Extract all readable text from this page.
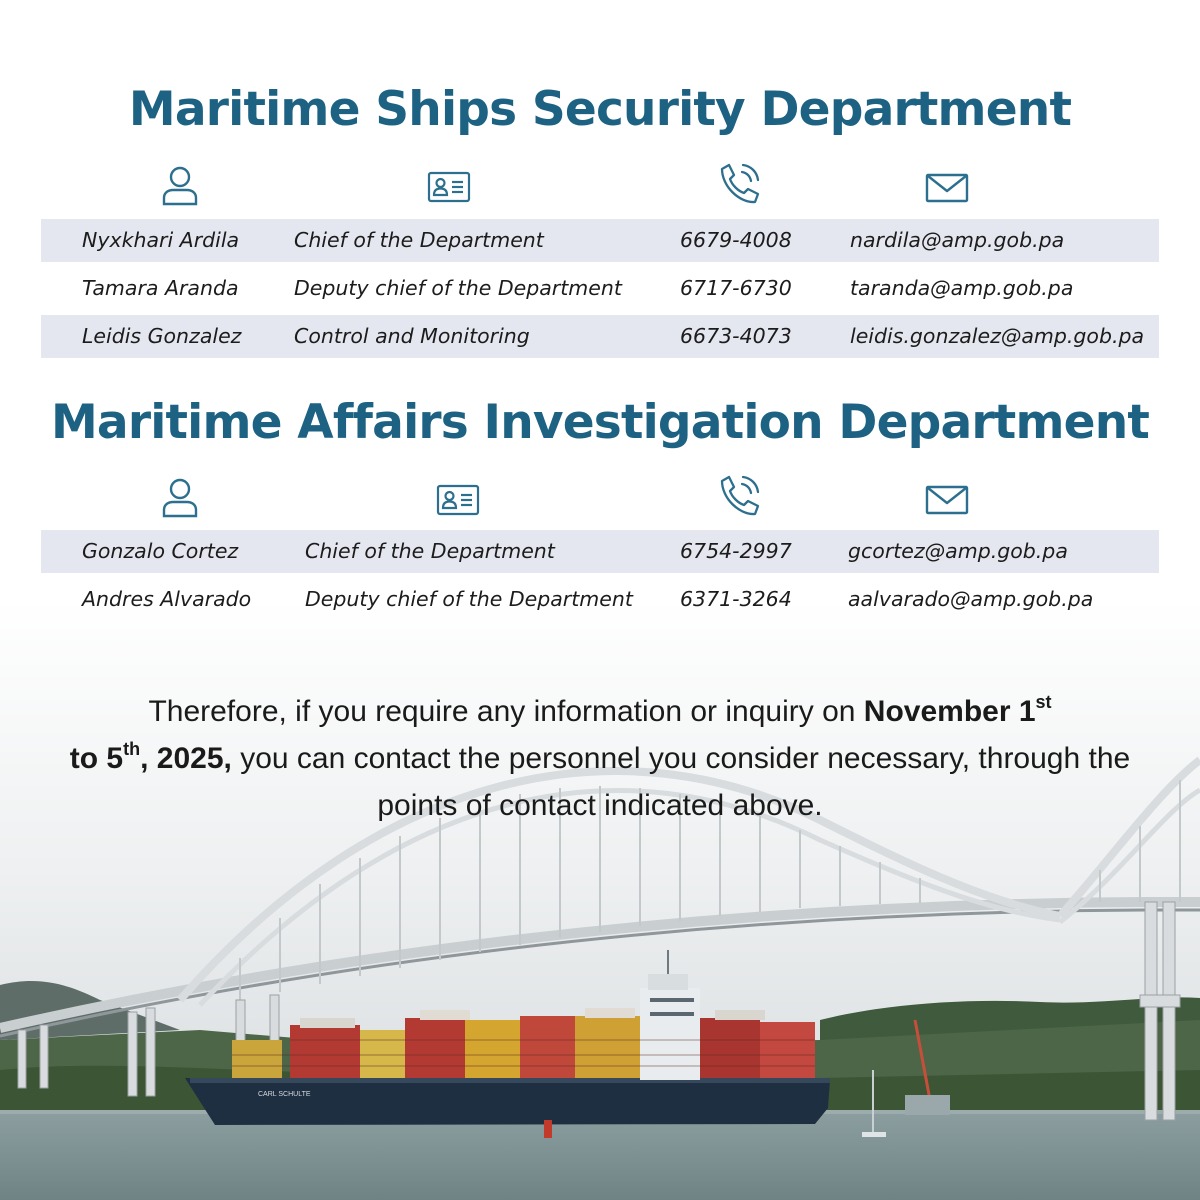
CARL SCHULTE
Maritime Ships Security Department
Nyxkhari Ardila	Chief of the Department	6679-4008	nardila@amp.gob.pa
Tamara Aranda	Deputy chief of the Department	6717-6730	taranda@amp.gob.pa
Leidis Gonzalez	Control and Monitoring	6673-4073	leidis.gonzalez@amp.gob.pa
Maritime Affairs Investigation Department
Gonzalo Cortez	Chief of the Department	6754-2997	gcortez@amp.gob.pa
Andres Alvarado	Deputy chief of the Department 6371-3264	aalvarado@amp.gob.pa

Therefore, if you require any information or inquiry on November 1st
to 5th, 2025, you can contact the personnel you consider necessary, through the points of contact indicated above.
